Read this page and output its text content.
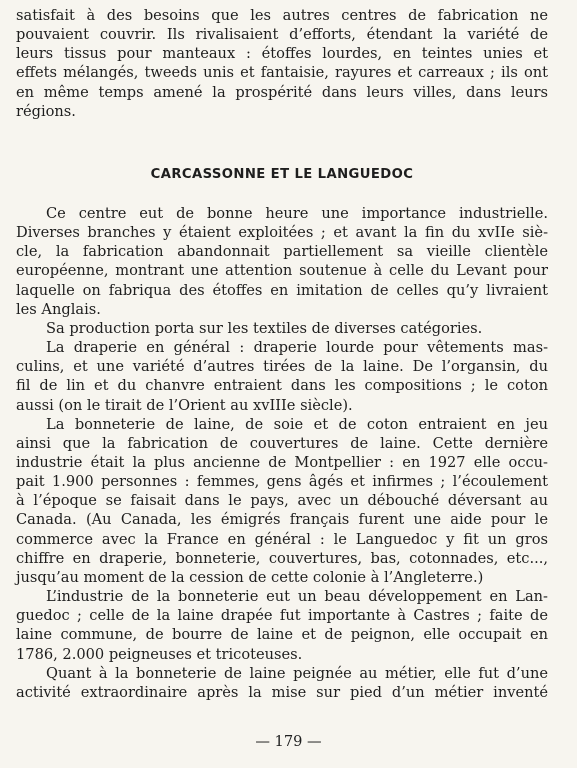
satisfait à des besoins que les autres centres de fabrication ne
pouvaient couvrir. Ils rivalisaient d’efforts, étendant la variété de
leurs tissus pour manteaux : étoffes lourdes, en teintes unies et
effets mélangés, tweeds unis et fantaisie, rayures et carreaux ; ils ont
en même temps amené la prospérité dans leurs villes, dans leurs
régions.
CARCASSONNE ET LE LANGUEDOC
Ce centre eut de bonne heure une importance industrielle.
Diverses branches y étaient exploitées ; et avant la fin du xvIIe siè-
cle, la fabrication abandonnait partiellement sa vieille clientèle
européenne, montrant une attention soutenue à celle du Levant pour
laquelle on fabriqua des étoffes en imitation de celles qu’y livraient
les Anglais.
Sa production porta sur les textiles de diverses catégories.
La draperie en général : draperie lourde pour vêtements mas-
culins, et une variété d’autres tirées de la laine. De l’organsin, du
fil de lin et du chanvre entraient dans les compositions ; le coton
aussi (on le tirait de l’Orient au xvIIIe siècle).
La bonneterie de laine, de soie et de coton entraient en jeu
ainsi que la fabrication de couvertures de laine. Cette dernière
industrie était la plus ancienne de Montpellier : en 1927 elle occu-
pait 1.900 personnes : femmes, gens âgés et infirmes ; l’écoulement
à l’époque se faisait dans le pays, avec un débouché déversant au
Canada. (Au Canada, les émigrés français furent une aide pour le
commerce avec la France en général : le Languedoc y fit un gros
chiffre en draperie, bonneterie, couvertures, bas, cotonnades, etc...,
jusqu’au moment de la cession de cette colonie à l’Angleterre.)
L’industrie de la bonneterie eut un beau développement en Lan-
guedoc ; celle de la laine drapée fut importante à Castres ; faite de
laine commune, de bourre de laine et de peignon, elle occupait en
1786, 2.000 peigneuses et tricoteuses.
Quant à la bonneterie de laine peignée au métier, elle fut d’une
activité extraordinaire après la mise sur pied d’un métier inventé
— 179 —
